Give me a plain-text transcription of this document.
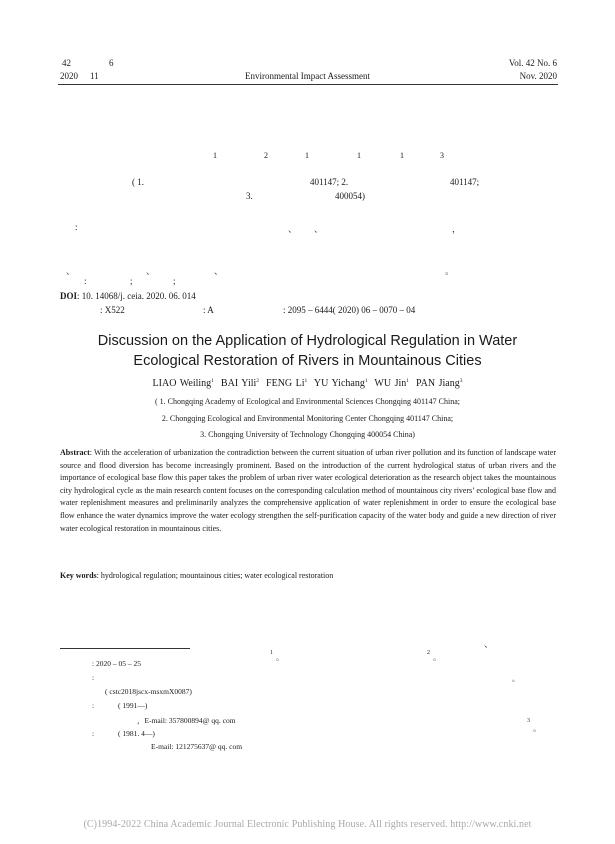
42	6
2020 11	Environmental Impact Assessment
Vol. 42 No. 6
Nov. 2020
1	2	1	1	1	3
( 1.	401147; 2.	401147;
3.	400054)
:	、 、	，
、	、	、	。
:	;	;
DOI: 10. 14068/j. ceia. 2020. 06. 014
: X522	: A	: 2095 – 6444( 2020) 06 – 0070 – 04
Discussion on the Application of Hydrological Regulation in Water
Ecological Restoration of Rivers in Mountainous Cities
LIAO Weiling$^1$ BAI Yili$^2$ FENG Li$^1$ YU Yichang$^1$ WU Jin$^1$ PAN Jiang$^3$
( 1. Chongqing Academy of Ecological and Environmental Sciences Chongqing 401147 China;
2. Chongqing Ecological and Environmental Monitoring Center Chongqing 401147 China;
3. Chongqing University of Technology Chongqing 400054 China)
Abstract: With the acceleration of urbanization the contradiction between the current situation of urban river pollution and its function of landscape water source and flood diversion has become increasingly prominent. Based on the introduction of the current hydrological status of urban rivers and the importance of ecological base flow this paper takes the problem of urban river water ecological deterioration as the research object takes the mountainous city hydrological cycle as the main research content focuses on the corresponding calculation method of mountainous city rivers’ ecological base flow and water replenishment measures and preliminarily analyzes the comprehensive application of water replenishment in order to ensure the ecological base flow enhance the water dynamics improve the water ecology strengthen the self-purification capacity of the water body and guide a new direction of river water ecological restoration in mountainous cities.
Key words: hydrological regulation; mountainous cities; water ecological restoration
、
1 。	2 。
3
。
: 2020 – 05 – 25
:	。
( cstc2018jscx-msxmX0087)
:	( 1991—)
，E-mail: 357800894@ qq. com
:	( 1981. 4—)
E-mail: 121275637@ qq. com
(C)1994-2022 China Academic Journal Electronic Publishing House. All rights reserved. http://www.cnki.net
